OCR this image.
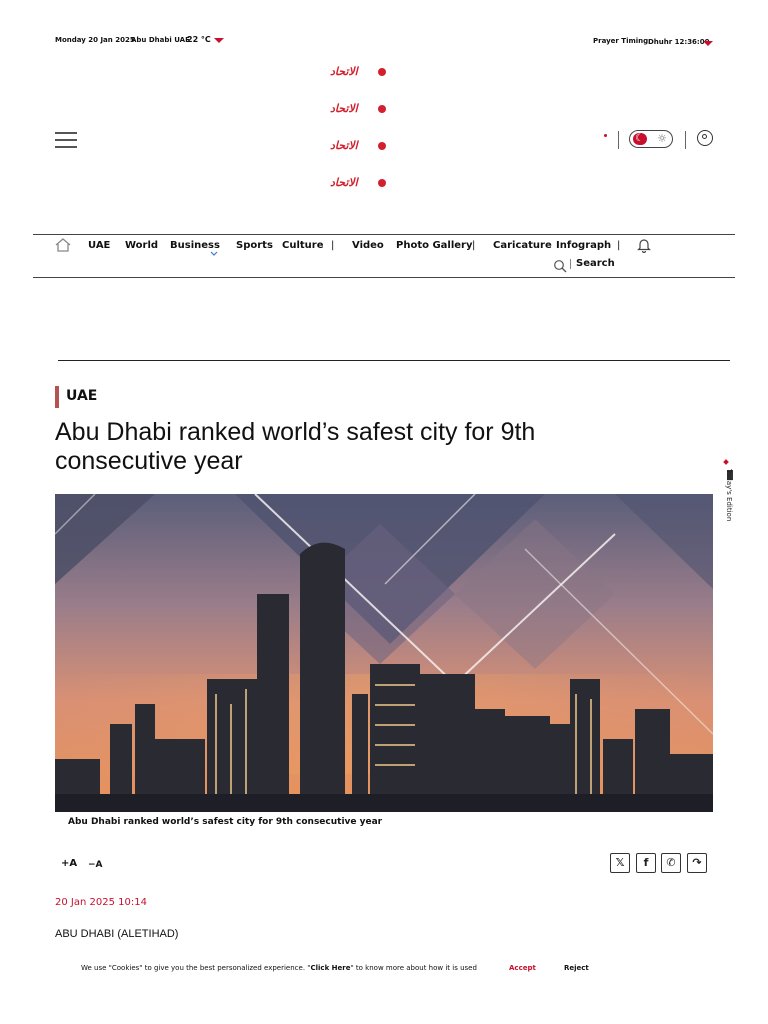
Monday 20 Jan 2025
Abu Dhabi UAE
22 °C	Prayer Timing Dhuhr 12:36:00
الاتحاد
الاتحاد
الاتحاد
الاتحاد
☾ ☼
UAE World Business Sports Culture | Video Photo Gallery | Caricature Infograph |
Search
UAE
Abu Dhabi ranked world’s safest city for 9th consecutive year
Today's Edition
Abu Dhabi ranked world’s safest city for 9th consecutive year
+A −A	𝕏	f	✆	↷
20 Jan 2025 10:14
ABU DHABI (ALETIHAD)
We use "Cookies" to give you the best personalized experience. "Click Here" to know more about how it is used	Accept	Reject
